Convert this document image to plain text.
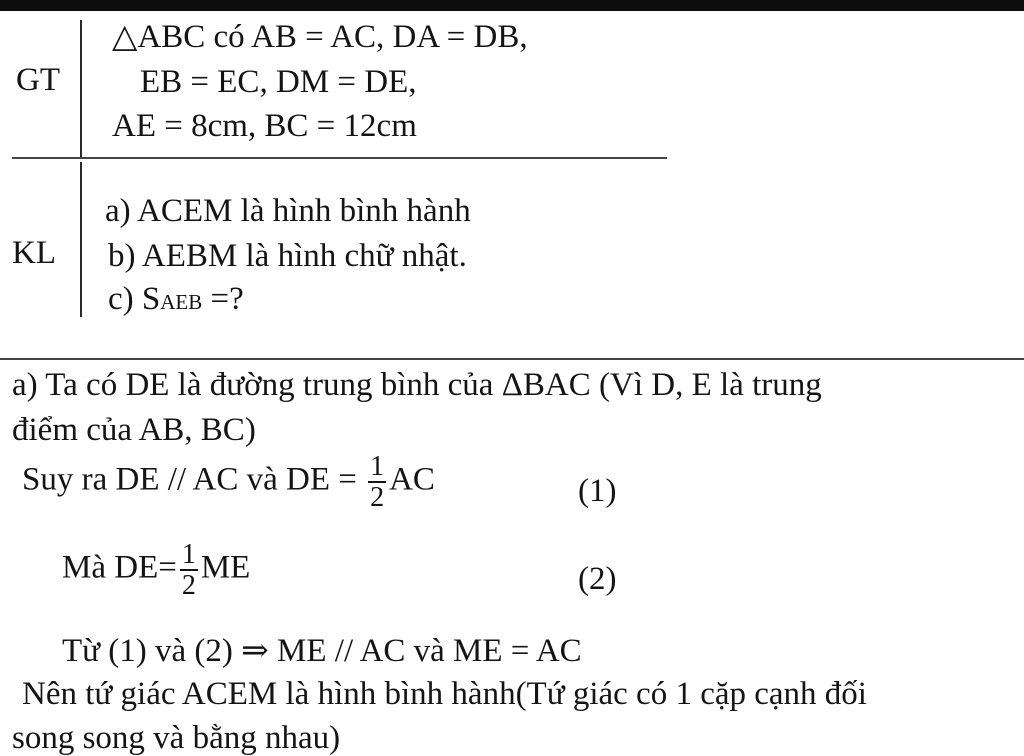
GT
△ABC có AB = AC, DA = DB,
EB = EC, DM = DE,
AE = 8cm, BC = 12cm
KL
a) ACEM là hình bình hành
b) AEBM là hình chữ nhật.
c) SAEB =?
a) Ta có DE là đường trung bình của ΔBAC (Vì D, E là trung
điểm của AB, BC)
Suy ra DE // AC và DE = $\frac{1}{2}$ AC	(1)
Mà $DE= \frac{1}{2}$ ME	(2)
Từ (1) và (2) ⇒ ME // AC và ME = AC
Nên tứ giác ACEM là hình bình hành(Tứ giác có 1 cặp cạnh đối
song song và bằng nhau)
